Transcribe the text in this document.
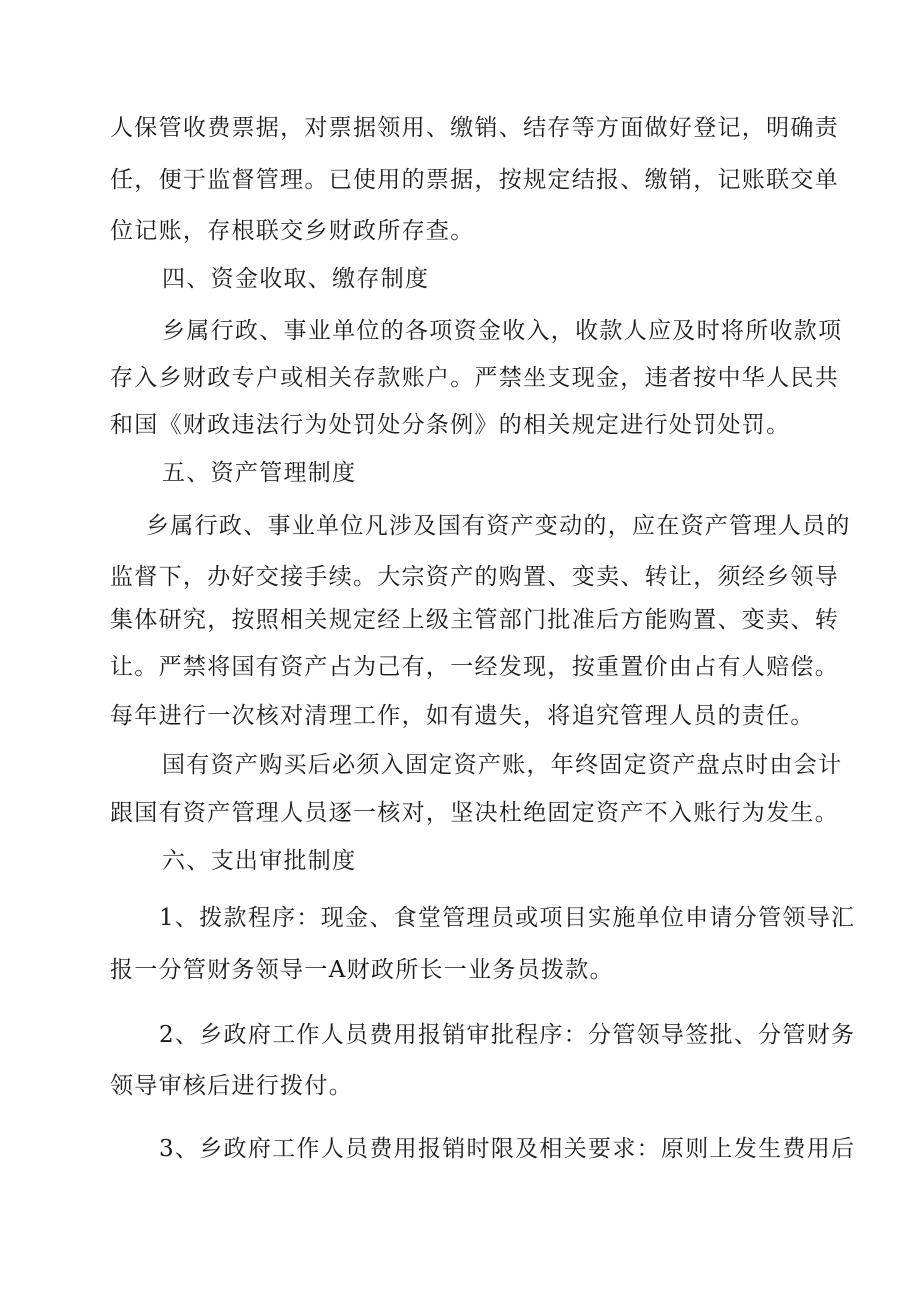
人保管收费票据，对票据领用、缴销、结存等方面做好登记，明确责
任，便于监督管理。已使用的票据，按规定结报、缴销，记账联交单
位记账，存根联交乡财政所存查。
四、资金收取、缴存制度
乡属行政、事业单位的各项资金收入，收款人应及时将所收款项
存入乡财政专户或相关存款账户。严禁坐支现金，违者按中华人民共
和国《财政违法行为处罚处分条例》的相关规定进行处罚处罚。
五、资产管理制度
乡属行政、事业单位凡涉及国有资产变动的，应在资产管理人员的
监督下，办好交接手续。大宗资产的购置、变卖、转让，须经乡领导
集体研究，按照相关规定经上级主管部门批准后方能购置、变卖、转
让。严禁将国有资产占为己有，一经发现，按重置价由占有人赔偿。
每年进行一次核对清理工作，如有遗失，将追究管理人员的责任。
国有资产购买后必须入固定资产账，年终固定资产盘点时由会计
跟国有资产管理人员逐一核对，坚决杜绝固定资产不入账行为发生。
六、支出审批制度
1、拨款程序：现金、食堂管理员或项目实施单位申请分管领导汇
报一分管财务领导一A财政所长一业务员拨款。
2、乡政府工作人员费用报销审批程序：分管领导签批、分管财务
领导审核后进行拨付。
3、乡政府工作人员费用报销时限及相关要求：原则上发生费用后
